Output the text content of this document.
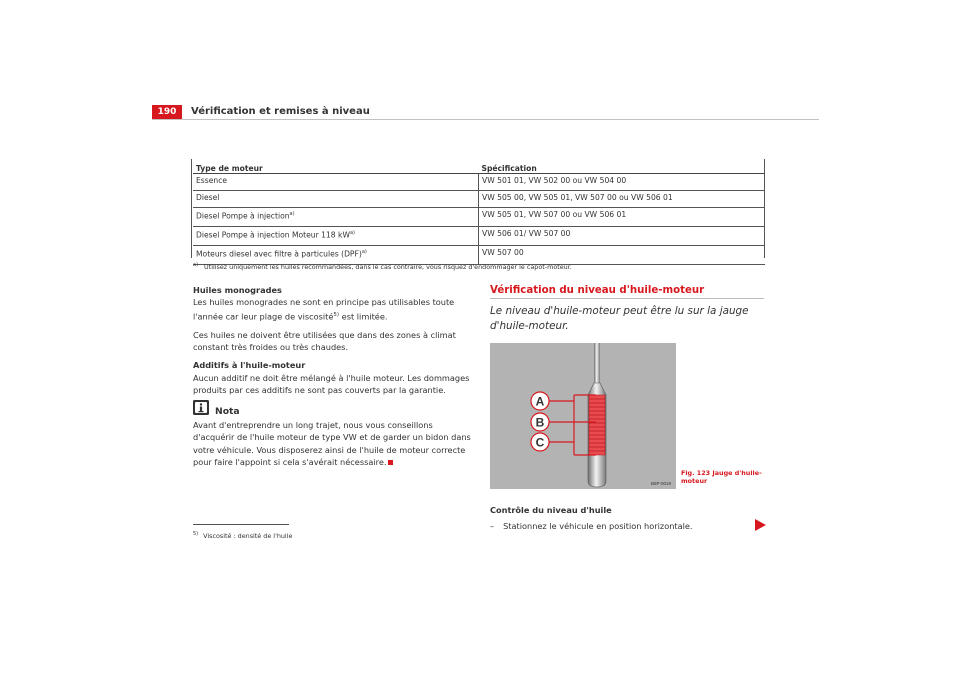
190	Vérification et remises à niveau
Type de moteur	Spécification
Essence	VW 501 01, VW 502 00 ou VW 504 00
Diesel	VW 505 00, VW 505 01, VW 507 00 ou VW 506 01
Diesel Pompe à injection$^{a)}$	VW 505 01, VW 507 00 ou VW 506 01
Diesel Pompe à injection Moteur 118 $kW^{a)}$	VW 506 01/ VW 507 00
Moteurs diesel avec filtre à particules (DPF)$^{a)}$	VW 507 00
$^{a)}$ Utilisez uniquement les huiles recommandées, dans le cas contraire, vous risquez d'endommager le capot-moteur.
Huiles monogrades

Les huiles monogrades ne sont en principe pas utilisables toute l'année car leur plage de viscosité$^{5)}$ est limitée.

Ces huiles ne doivent être utilisées que dans des zones à climat constant très froides ou très chaudes.

Additifs à l'huile-moteur

Aucun additif ne doit être mélangé à l'huile moteur. Les dommages produits par ces additifs ne sont pas couverts par la garantie.

Nota
Avant d'entreprendre un long trajet, nous vous conseillons d'acquérir de l'huile moteur de type VW et de garder un bidon dans votre véhicule. Vous disposerez ainsi de l'huile de moteur correcte pour faire l'appoint si cela s'avérait nécessaire.
$^{5)}$ Viscosité : densité de l'huile
Vérification du niveau d'huile-moteur
Le niveau d'huile-moteur peut être lu sur la jauge d'huile-moteur.
A
B
C
B5P-0019
Fig. 123 Jauge d'huile-moteur
Contrôle du niveau d'huile
– Stationnez le véhicule en position horizontale.
